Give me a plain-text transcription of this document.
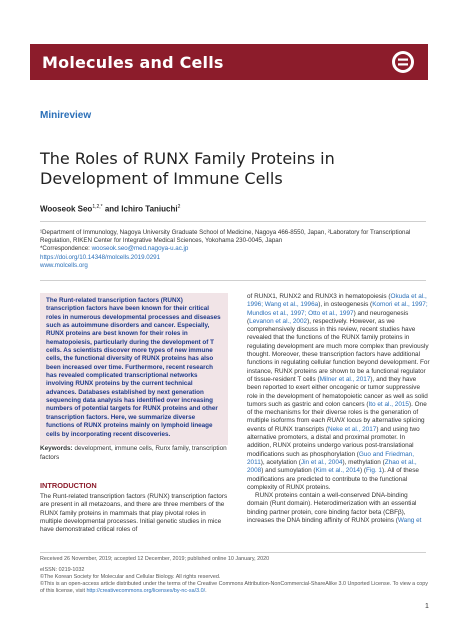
Molecules and Cells
Minireview
The Roles of RUNX Family Proteins in Development of Immune Cells
Wooseok Seo$^{1,2,*}$ and Ichiro Taniuchi$^2$
¹Department of Immunology, Nagoya University Graduate School of Medicine, Nagoya 466-8550, Japan, ²Laboratory for Transcriptional Regulation, RIKEN Center for Integrative Medical Sciences, Yokohama 230-0045, Japan
*Correspondence: wooseok.seo@med.nagoya-u.ac.jp
https://doi.org/10.14348/molcells.2019.0291
www.molcells.org
The Runt-related transcription factors (RUNX) transcription factors have been known for their critical roles in numerous developmental processes and diseases such as autoimmune disorders and cancer. Especially, RUNX proteins are best known for their roles in hematopoiesis, particularly during the development of T cells. As scientists discover more types of new immune cells, the functional diversity of RUNX proteins has also been increased over time. Furthermore, recent research has revealed complicated transcriptional networks involving RUNX proteins by the current technical advances. Databases established by next generation sequencing data analysis has identified over increasing numbers of potential targets for RUNX proteins and other transcription factors. Here, we summarize diverse functions of RUNX proteins mainly on lymphoid lineage cells by incorporating recent discoveries.
Keywords: development, immune cells, Runx family, transcription factors
INTRODUCTION
The Runt-related transcription factors (RUNX) transcription factors are present in all metazoans, and there are three members of the RUNX family proteins in mammals that play pivotal roles in multiple developmental processes. Initial genetic studies in mice have demonstrated critical roles of
of RUNX1, RUNX2 and RUNX3 in hematopoiesis (Okuda et al., 1996; Wang et al., 1996a), in osteogenesis (Komori et al., 1997; Mundlos et al., 1997; Otto et al., 1997) and neurogenesis (Levanon et al., 2002), respectively. However, as we comprehensively discuss in this review, recent studies have revealed that the functions of the RUNX family proteins in regulating development are much more complex than previously thought. Moreover, these transcription factors have additional functions in regulating cellular function beyond development. For instance, RUNX proteins are shown to be a functional regulator of tissue-resident T cells (Milner et al., 2017), and they have been reported to exert either oncogenic or tumor suppressive role in the development of hematopoietic cancer as well as solid tumors such as gastric and colon cancers (Ito et al., 2015). One of the mechanisms for their diverse roles is the generation of multiple isoforms from each RUNX locus by alternative splicing events of RUNX transcripts (Neke et al., 2017) and using two alternative promoters, a distal and proximal promoter. In addition, RUNX proteins undergo various post-translational modifications such as phosphorylation (Guo and Friedman, 2011), acetylation (Jin et al., 2004), methylation (Zhao et al., 2008) and sumoylation (Kim et al., 2014) (Fig. 1). All of these modifications are predicted to contribute to the functional complexity of RUNX proteins.
RUNX proteins contain a well-conserved DNA-binding domain (Runt domain). Heterodimerization with an essential binding partner protein, core binding factor beta (CBFβ), increases the DNA binding affinity of RUNX proteins (Wang et
Received 26 November, 2019; accepted 12 December, 2019; published online 10 January, 2020
eISSN: 0219-1032
©The Korean Society for Molecular and Cellular Biology. All rights reserved.
©This is an open-access article distributed under the terms of the Creative Commons Attribution-NonCommercial-ShareAlike 3.0 Unported License. To view a copy of this license, visit http://creativecommons.org/licenses/by-nc-sa/3.0/.
1
